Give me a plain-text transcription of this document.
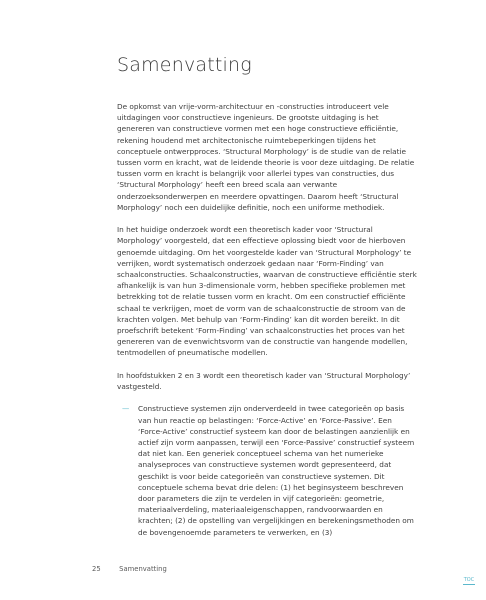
Samenvatting

De opkomst van vrije-vorm-architectuur en -constructies introduceert vele uitdagingen voor constructieve ingenieurs. De grootste uitdaging is het genereren van constructieve vormen met een hoge constructieve efficiëntie, rekening houdend met architectonische ruimtebeperkingen tijdens het conceptuele ontwerpproces. ‘Structural Morphology’ is de studie van de relatie tussen vorm en kracht, wat de leidende theorie is voor deze uitdaging. De relatie tussen vorm en kracht is belangrijk voor allerlei types van constructies, dus ‘Structural Morphology’ heeft een breed scala aan verwante onderzoeksonderwerpen en meerdere opvattingen. Daarom heeft ‘Structural Morphology’ noch een duidelijke definitie, noch een uniforme methodiek.

In het huidige onderzoek wordt een theoretisch kader voor ‘Structural Morphology’ voorgesteld, dat een effectieve oplossing biedt voor de hierboven genoemde uitdaging. Om het voorgestelde kader van ‘Structural Morphology’ te verrijken, wordt systematisch onderzoek gedaan naar ‘Form-Finding’ van schaalconstructies. Schaalconstructies, waarvan de constructieve efficiëntie sterk afhankelijk is van hun 3-dimensionale vorm, hebben specifieke problemen met betrekking tot de relatie tussen vorm en kracht. Om een constructief efficiënte schaal te verkrijgen, moet de vorm van de schaalconstructie de stroom van de krachten volgen. Met behulp van ‘Form-Finding’ kan dit worden bereikt. In dit proefschrift betekent ‘Form-Finding’ van schaalconstructies het proces van het genereren van de evenwichtsvorm van de constructie van hangende modellen, tentmodellen of pneumatische modellen.

In hoofdstukken 2 en 3 wordt een theoretisch kader van ‘Structural Morphology’ vastgesteld.

— Constructieve systemen zijn onderverdeeld in twee categorieën op basis van hun reactie op belastingen: ‘Force-Active’ en ‘Force-Passive’. Een ‘Force-Active’ constructief systeem kan door de belastingen aanzienlijk en actief zijn vorm aanpassen, terwijl een ‘Force-Passive’ constructief systeem dat niet kan. Een generiek conceptueel schema van het numerieke analyseproces van constructieve systemen wordt gepresenteerd, dat geschikt is voor beide categorieën van constructieve systemen. Dit conceptuele schema bevat drie delen: (1) het beginsysteem beschreven door parameters die zijn te verdelen in vijf categorieën: geometrie, materiaalverdeling, materiaaleigenschappen, randvoorwaarden en krachten; (2) de opstelling van vergelijkingen en berekeningsmethoden om de bovengenoemde parameters te verwerken, en (3)
25	Samenvatting
TOC
